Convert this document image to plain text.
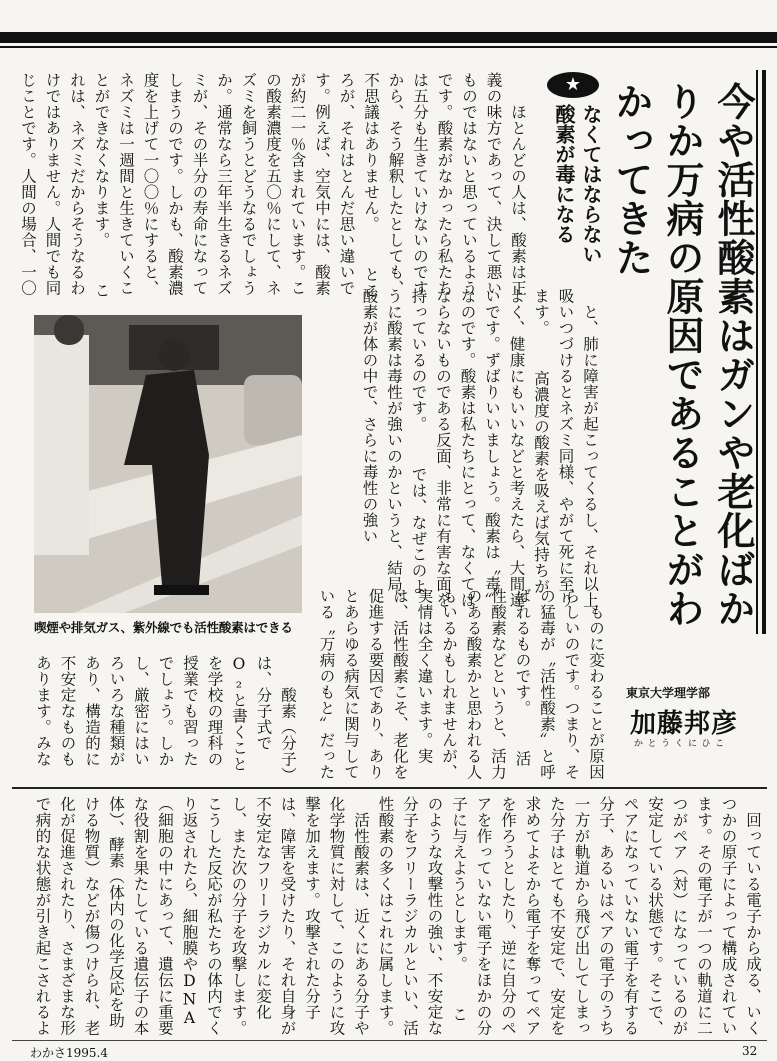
今や活性酸素はガンや老化ばかりか万病の原因であることがわかってきた
★
なくてはならない酸素が毒になる

　ほとんどの人は、酸素は正義の味方であって、決して悪いものではないと思っているようです。酸素がなかったら私たちは五分も生きていけないのですから、そう解釈したとしても、不思議はありません。 　ところが、それはとんだ思い違いです。例えば、空気中には、酸素が約二一％含まれています。この酸素濃度を五〇％にして、ネズミを飼うとどうなるでしょうか。通常なら三年半生きるネズミが、その半分の寿命になってしまうのです。しかも、酸素濃度を上げて一〇〇％にすると、ネズミは一週間と生きていくことができなくなります。 　これは、ネズミだからそうなるわけではありません。人間でも同じことです。人間の場合、一〇

と、肺に障害が起こってくるし、それ以上吸いつづけるとネズミ同様、やがて死に至ります。 　高濃度の酸素を吸えば気持ちがよく、健康にもいいなどと考えたら、大間違いです。ずばりいいましょう。酸素は〝毒〟なのです。酸素は私たちにとって、なくてはならないものである反面、非常に有害な面を持っているのです。 　では、なぜこのように酸素は毒性が強いのかというと、結局、酸素が体の中で、さらに毒性の強い

ものに変わることが原因らしいのです。つまり、その猛毒が〝活性酸素〟と呼ばれるものです。 　活性酸素などというと、活力のある酸素かと思われる人もいるかもしれませんが、実情は全く違います。実は、活性酸素こそ、老化を促進する要因であり、ありとあらゆる病気に関与している〝万病のもと〟だった

東京大学理学部
加藤邦彦
かとうくにひこ
喫煙や排気ガス、紫外線でも活性酸素はできる

　酸素（分子）は、分子式でO₂と書くことを学校の理科の授業でも習ったでしょう。しかし、厳密にはいろいろな種類があり、構造的に不安定なものもあります。みな

回っている電子から成る、いくつかの原子によって構成されています。その電子が一つの軌道に二つがペア（対）になっているのが安定している状態です。そこで、ペアになっていない電子を有する分子、あるいはペアの電子のうち一方が軌道から飛び出してしまった分子はとても不安定で、安定を求めてよそから電子を奪ってペアを作ろうとしたり、逆に自分のペアを作っていない電子をほかの分子に与えようとします。 　このような攻撃性の強い、不安定な分子をフリーラジカルといい、活性酸素の多くはこれに属します。 　活性酸素は、近くにある分子や化学物質に対して、このように攻撃を加えます。攻撃された分子は、障害を受けたり、それ自身が不安定なフリーラジカルに変化し、また次の分子を攻撃します。こうした反応が私たちの体内でくり返されたら、細胞膜やDNA（細胞の中にあって、遺伝に重要な役割を果たしている遺伝子の本体）、酵素（体内の化学反応を助ける物質）などが傷つけられ、老化が促進されたり、さまざまな形で病的な状態が引き起こされるよ

わかさ1995.4	32
